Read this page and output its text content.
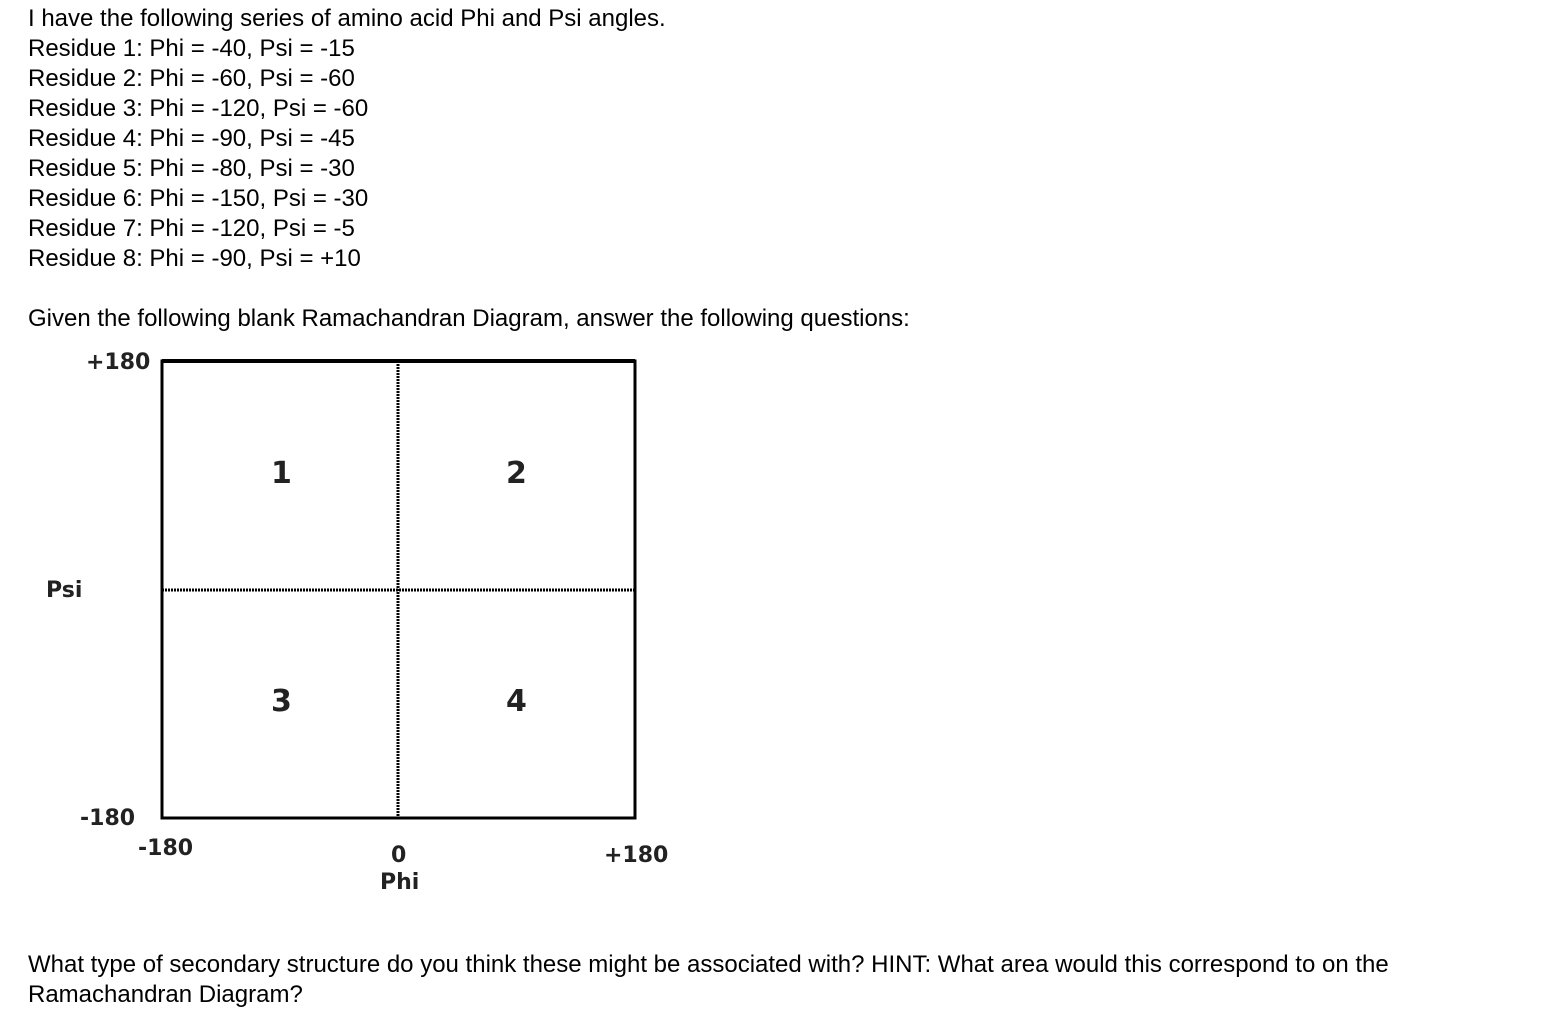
I have the following series of amino acid Phi and Psi angles.
Residue 1: Phi = -40, Psi = -15
Residue 2: Phi = -60, Psi = -60
Residue 3: Phi = -120, Psi = -60
Residue 4: Phi = -90, Psi = -45
Residue 5: Phi = -80, Psi = -30
Residue 6: Phi = -150, Psi = -30
Residue 7: Phi = -120, Psi = -5
Residue 8: Phi = -90, Psi = +10
Given the following blank Ramachandran Diagram, answer the following questions:
+180
Psi
-180
1	2
3	4
-180	0	+180
Phi
What type of secondary structure do you think these might be associated with? HINT: What area would this correspond to on the Ramachandran Diagram?
